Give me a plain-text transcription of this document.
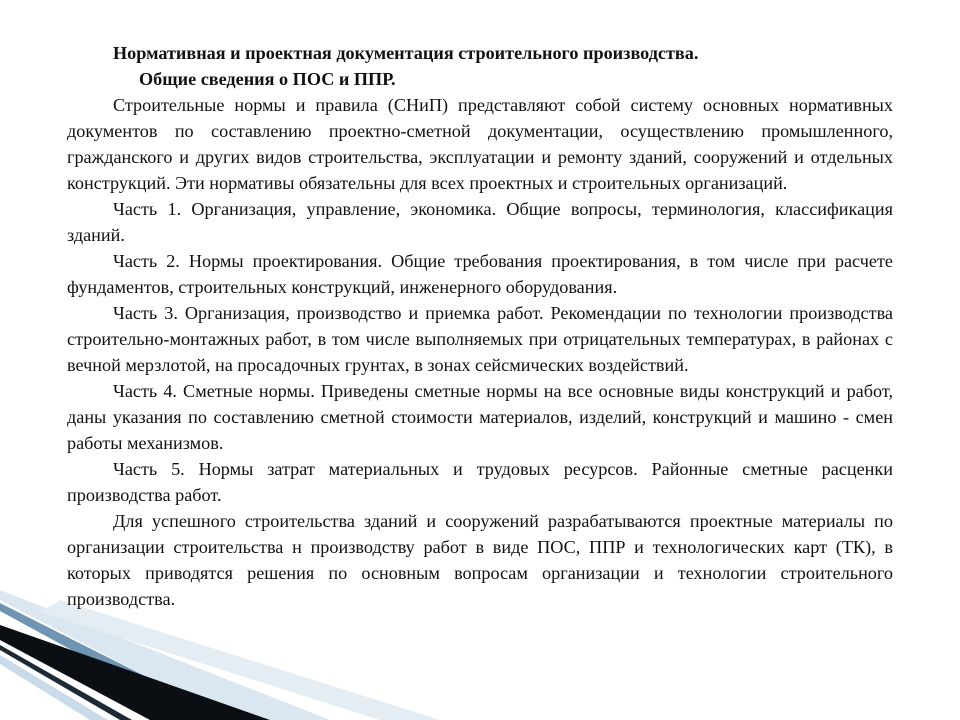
Нормативная и проектная документация строительного производства.

Общие сведения о ПОС и ППР.

Строительные нормы и правила (СНиП) представляют собой систему основных нормативных документов по составлению проектно-сметной документации, осуществлению промышленного, гражданского и других видов строительства, эксплуатации и ремонту зданий, сооружений и отдельных конструкций. Эти нормативы обязательны для всех проектных и строительных организаций.

Часть 1. Организация, управление, экономика. Общие вопросы, терминология, классификация зданий.

Часть 2. Нормы проектирования. Общие требования проектирования, в том числе при расчете фундаментов, строительных конструкций, инженерного оборудования.

Часть 3. Организация, производство и приемка работ. Рекомендации по технологии производства строительно-монтажных работ, в том числе выполняемых при отрицательных температурах, в районах с вечной мерзлотой, на просадочных грунтах, в зонах сейсмических воздействий.

Часть 4. Сметные нормы. Приведены сметные нормы на все основные виды конструкций и работ, даны указания по составлению сметной стоимости материалов, изделий, конструкций и машино - смен работы механизмов.

Часть 5. Нормы затрат материальных и трудовых ресурсов. Районные сметные расценки производства работ.

Для успешного строительства зданий и сооружений разрабатываются проектные материалы по организации строительства н производству работ в виде ПОС, ППР и технологических карт (ТК), в которых приводятся решения по основным вопросам организации и технологии строительного производства.
